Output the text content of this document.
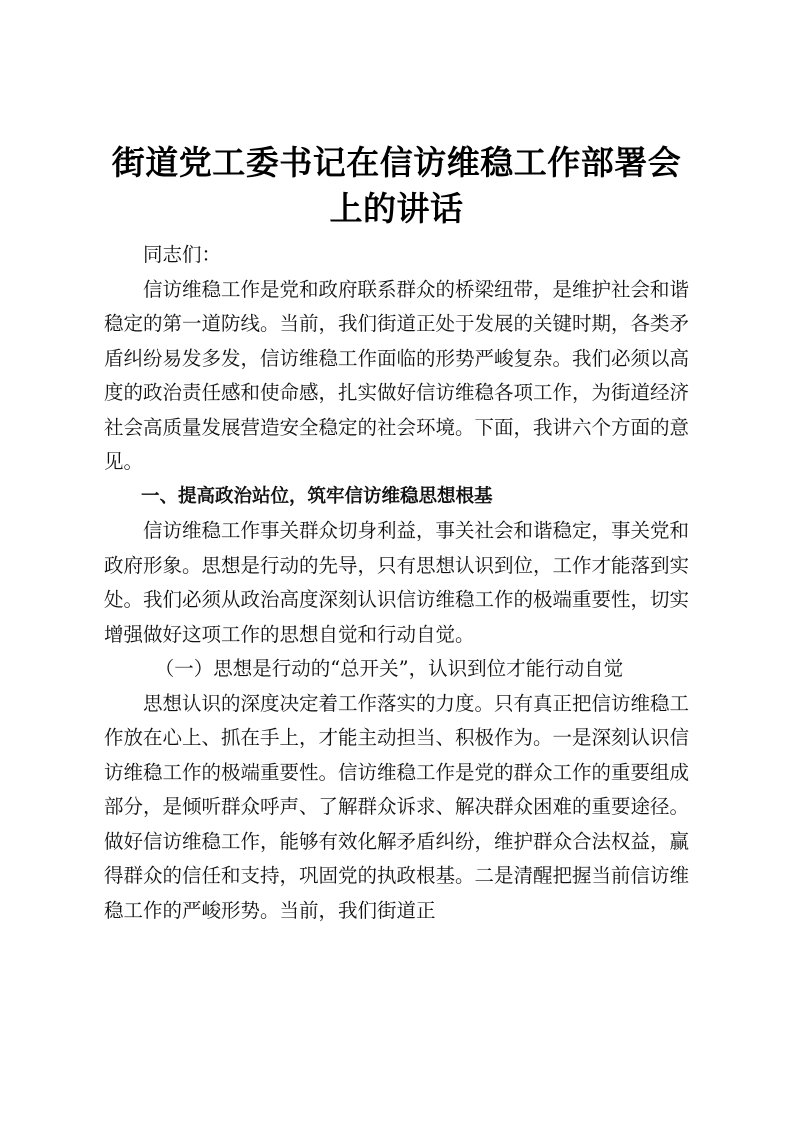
街道党工委书记在信访维稳工作部署会上的讲话

同志们：

信访维稳工作是党和政府联系群众的桥梁纽带，是维护社会和谐稳定的第一道防线。当前，我们街道正处于发展的关键时期，各类矛盾纠纷易发多发，信访维稳工作面临的形势严峻复杂。我们必须以高度的政治责任感和使命感，扎实做好信访维稳各项工作，为街道经济社会高质量发展营造安全稳定的社会环境。下面，我讲六个方面的意见。

一、提高政治站位，筑牢信访维稳思想根基

信访维稳工作事关群众切身利益，事关社会和谐稳定，事关党和政府形象。思想是行动的先导，只有思想认识到位，工作才能落到实处。我们必须从政治高度深刻认识信访维稳工作的极端重要性，切实增强做好这项工作的思想自觉和行动自觉。

（一）思想是行动的“总开关”，认识到位才能行动自觉

思想认识的深度决定着工作落实的力度。只有真正把信访维稳工作放在心上、抓在手上，才能主动担当、积极作为。一是深刻认识信访维稳工作的极端重要性。信访维稳工作是党的群众工作的重要组成部分，是倾听群众呼声、了解群众诉求、解决群众困难的重要途径。做好信访维稳工作，能够有效化解矛盾纠纷，维护群众合法权益，赢得群众的信任和支持，巩固党的执政根基。二是清醒把握当前信访维稳工作的严峻形势。当前，我们街道正
